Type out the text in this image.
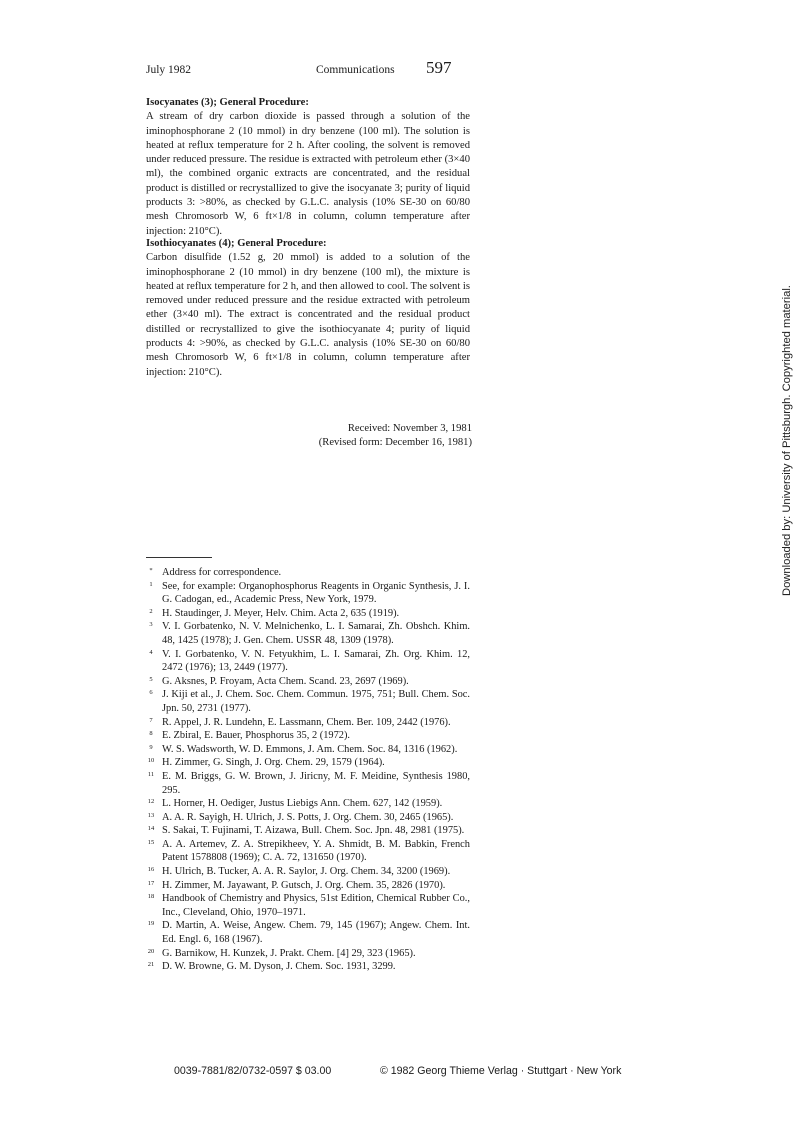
July 1982	Communications 597
Isocyanates (3); General Procedure:
A stream of dry carbon dioxide is passed through a solution of the iminophosphorane 2 (10 mmol) in dry benzene (100 ml). The solution is heated at reflux temperature for 2 h. After cooling, the solvent is removed under reduced pressure. The residue is extracted with petroleum ether (3×40 ml), the combined organic extracts are concentrated, and the residual product is distilled or recrystallized to give the isocyanate 3; purity of liquid products 3: >80%, as checked by G.L.C. analysis (10% SE-30 on 60/80 mesh Chromosorb W, 6 ft×1/8 in column, column temperature after injection: 210°C).
Isothiocyanates (4); General Procedure:
Carbon disulfide (1.52 g, 20 mmol) is added to a solution of the iminophosphorane 2 (10 mmol) in dry benzene (100 ml), the mixture is heated at reflux temperature for 2 h, and then allowed to cool. The solvent is removed under reduced pressure and the residue extracted with petroleum ether (3×40 ml). The extract is concentrated and the residual product distilled or recrystallized to give the isothiocyanate 4; purity of liquid products 4: >90%, as checked by G.L.C. analysis (10% SE-30 on 60/80 mesh Chromosorb W, 6 ft×1/8 in column, column temperature after injection: 210°C).
Received: November 3, 1981
(Revised form: December 16, 1981)
* Address for correspondence.
1 See, for example: Organophosphorus Reagents in Organic Synthesis, J. I. G. Cadogan, ed., Academic Press, New York, 1979.
2 H. Staudinger, J. Meyer, Helv. Chim. Acta 2, 635 (1919).
3 V. I. Gorbatenko, N. V. Melnichenko, L. I. Samarai, Zh. Obshch. Khim. 48, 1425 (1978); J. Gen. Chem. USSR 48, 1309 (1978).
4 V. I. Gorbatenko, V. N. Fetyukhim, L. I. Samarai, Zh. Org. Khim. 12, 2472 (1976); 13, 2449 (1977).
5 G. Aksnes, P. Froyam, Acta Chem. Scand. 23, 2697 (1969).
6 J. Kiji et al., J. Chem. Soc. Chem. Commun. 1975, 751; Bull. Chem. Soc. Jpn. 50, 2731 (1977).
7 R. Appel, J. R. Lundehn, E. Lassmann, Chem. Ber. 109, 2442 (1976).
8 E. Zbiral, E. Bauer, Phosphorus 35, 2 (1972).
9 W. S. Wadsworth, W. D. Emmons, J. Am. Chem. Soc. 84, 1316 (1962).
10 H. Zimmer, G. Singh, J. Org. Chem. 29, 1579 (1964).
11 E. M. Briggs, G. W. Brown, J. Jiricny, M. F. Meidine, Synthesis 1980, 295.
12 L. Horner, H. Oediger, Justus Liebigs Ann. Chem. 627, 142 (1959).
13 A. A. R. Sayigh, H. Ulrich, J. S. Potts, J. Org. Chem. 30, 2465 (1965).
14 S. Sakai, T. Fujinami, T. Aizawa, Bull. Chem. Soc. Jpn. 48, 2981 (1975).
15 A. A. Artemev, Z. A. Strepikheev, Y. A. Shmidt, B. M. Babkin, French Patent 1578808 (1969); C. A. 72, 131650 (1970).
16 H. Ulrich, B. Tucker, A. A. R. Saylor, J. Org. Chem. 34, 3200 (1969).
17 H. Zimmer, M. Jayawant, P. Gutsch, J. Org. Chem. 35, 2826 (1970).
18 Handbook of Chemistry and Physics, 51st Edition, Chemical Rubber Co., Inc., Cleveland, Ohio, 1970–1971.
19 D. Martin, A. Weise, Angew. Chem. 79, 145 (1967); Angew. Chem. Int. Ed. Engl. 6, 168 (1967).
20 G. Barnikow, H. Kunzek, J. Prakt. Chem. [4] 29, 323 (1965).
21 D. W. Browne, G. M. Dyson, J. Chem. Soc. 1931, 3299.
0039-7881/82/0732-0597 $ 03.00	© 1982 Georg Thieme Verlag · Stuttgart · New York
Downloaded by: University of Pittsburgh. Copyrighted material.
